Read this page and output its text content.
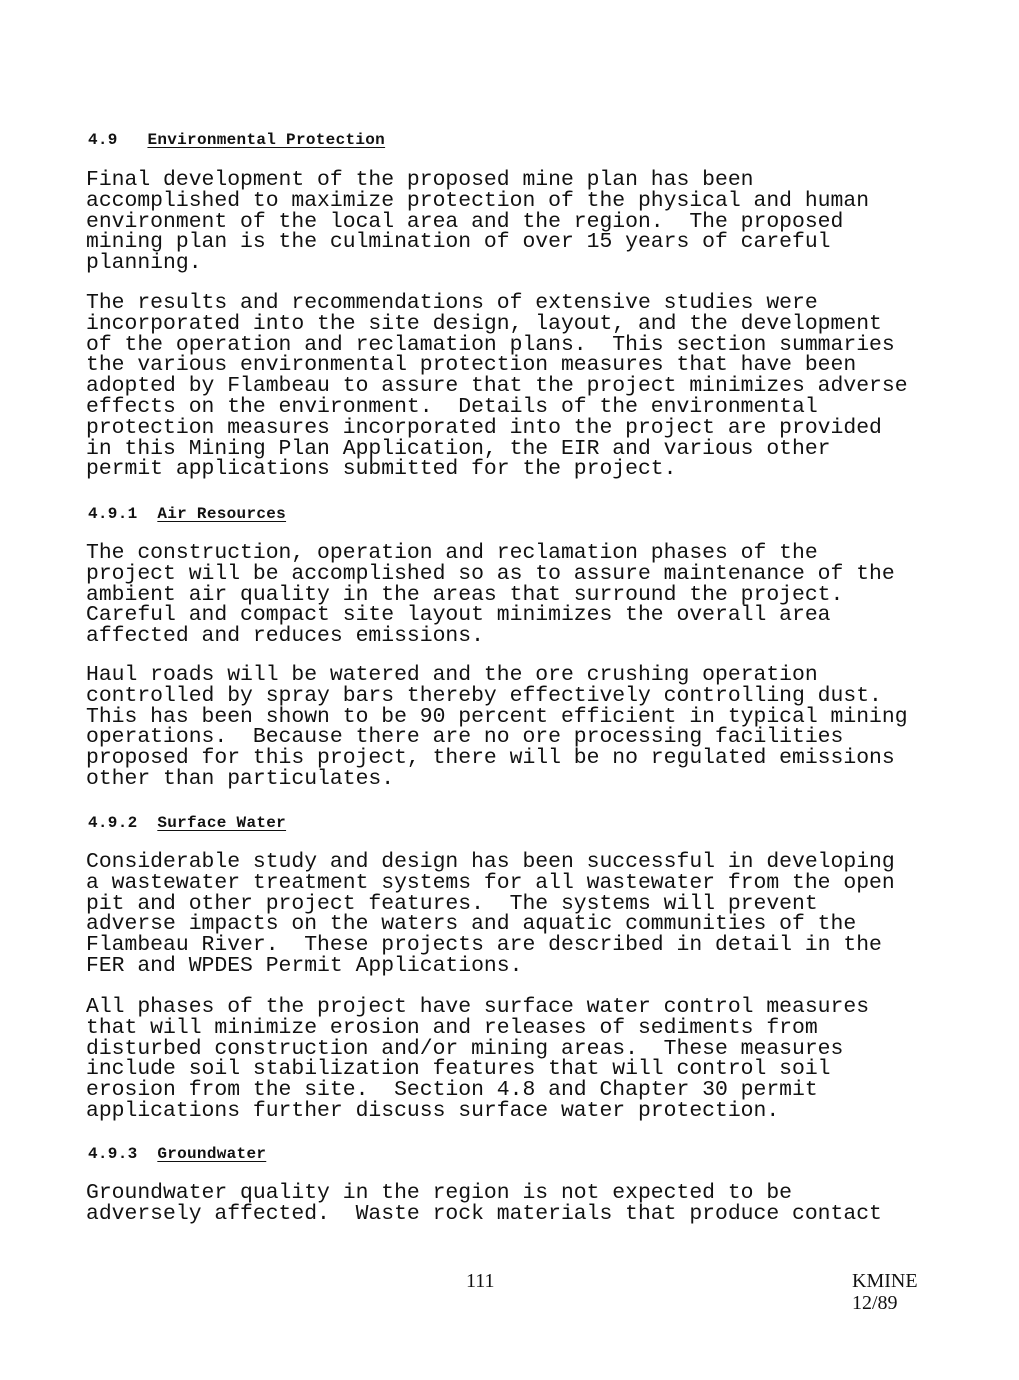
4.9 Environmental Protection
Final development of the proposed mine plan has been
accomplished to maximize protection of the physical and human
environment of the local area and the region.  The proposed
mining plan is the culmination of over 15 years of careful
planning.
The results and recommendations of extensive studies were
incorporated into the site design, layout, and the development
of the operation and reclamation plans.  This section summaries
the various environmental protection measures that have been
adopted by Flambeau to assure that the project minimizes adverse
effects on the environment.  Details of the environmental
protection measures incorporated into the project are provided
in this Mining Plan Application, the EIR and various other
permit applications submitted for the project.
4.9.1 Air Resources
The construction, operation and reclamation phases of the
project will be accomplished so as to assure maintenance of the
ambient air quality in the areas that surround the project.
Careful and compact site layout minimizes the overall area
affected and reduces emissions.
Haul roads will be watered and the ore crushing operation
controlled by spray bars thereby effectively controlling dust.
This has been shown to be 90 percent efficient in typical mining
operations.  Because there are no ore processing facilities
proposed for this project, there will be no regulated emissions
other than particulates.
4.9.2 Surface Water
Considerable study and design has been successful in developing
a wastewater treatment systems for all wastewater from the open
pit and other project features.  The systems will prevent
adverse impacts on the waters and aquatic communities of the
Flambeau River.  These projects are described in detail in the
FER and WPDES Permit Applications.
All phases of the project have surface water control measures
that will minimize erosion and releases of sediments from
disturbed construction and/or mining areas.  These measures
include soil stabilization features that will control soil
erosion from the site.  Section 4.8 and Chapter 30 permit
applications further discuss surface water protection.
4.9.3 Groundwater
Groundwater quality in the region is not expected to be
adversely affected.  Waste rock materials that produce contact
111	KMINE
12/89
